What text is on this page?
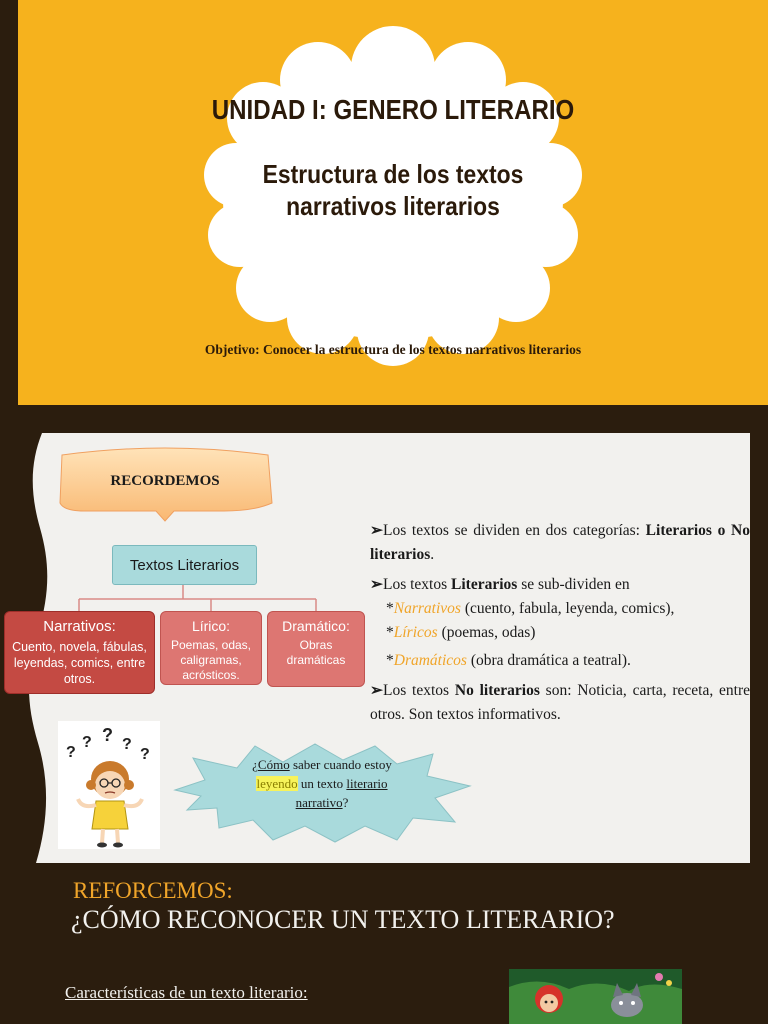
UNIDAD I: GENERO LITERARIO
Estructura de los textos narrativos literarios
Objetivo: Conocer la estructura de los textos narrativos literarios
RECORDEMOS
Textos Literarios
Narrativos:
Cuento, novela, fábulas, leyendas, comics, entre otros.
Lírico:
Poemas, odas, caligramas, acrósticos.
Dramático:
Obras dramáticas

➢Los textos se dividen en dos categorías: Literarios o No literarios.

➢Los textos Literarios se sub-dividen en
*Narrativos (cuento, fabula, leyenda, comics),
*Líricos (poemas, odas)

*Dramáticos (obra dramática a teatral).

➢Los textos No literarios son: Noticia, carta, receta, entre otros. Son textos informativos.

?
? ? ?
?
¿Cómo saber cuando estoy
leyendo un texto literario
narrativo?
REFORCEMOS:
¿CÓMO RECONOCER UN TEXTO LITERARIO?
Características de un texto literario:
